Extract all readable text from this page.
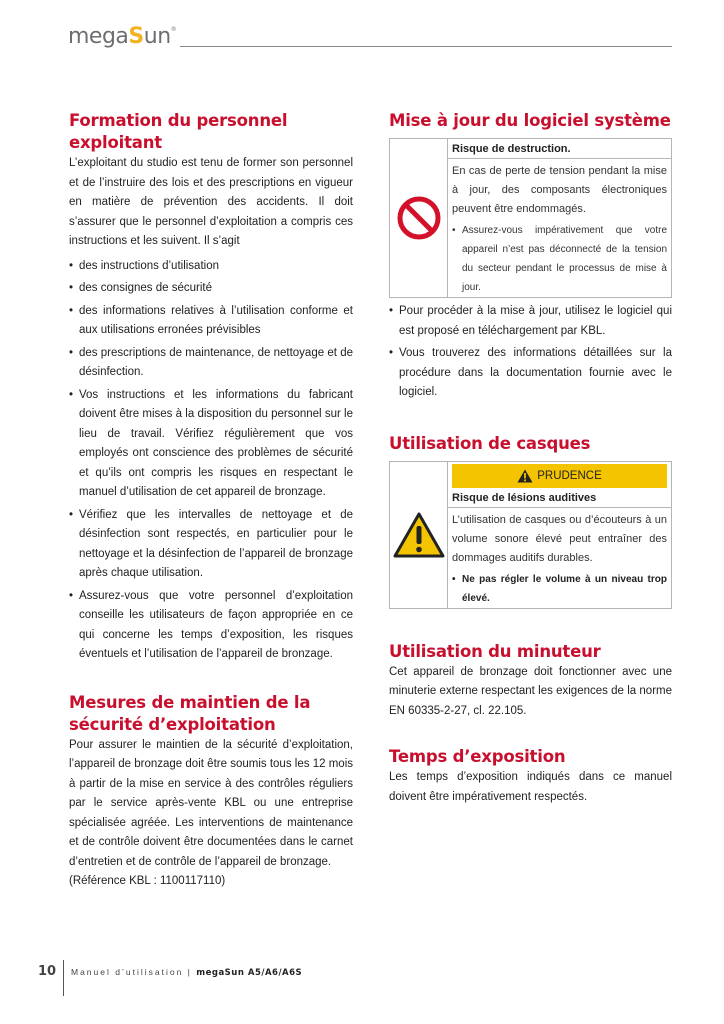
megaSun®
Formation du personnel
exploitant

L’exploitant du studio est tenu de former son personnel et de l’instruire des lois et des prescriptions en vigueur en matière de prévention des accidents. Il doit s’assurer que le personnel d’exploitation a compris ces instructions et les suivent. Il s’agit

• des instructions d’utilisation
• des consignes de sécurité
• des informations relatives à l’utilisation conforme et aux utilisations erronées prévisibles
• des prescriptions de maintenance, de nettoyage et de désinfection.
• Vos instructions et les informations du fabricant doivent être mises à la disposition du personnel sur le lieu de travail. Vérifiez régulièrement que vos employés ont conscience des problèmes de sécurité et qu’ils ont compris les risques en respectant le manuel d’utilisation de cet appareil de bronzage.
• Vérifiez que les intervalles de nettoyage et de désinfection sont respectés, en particulier pour le nettoyage et la désinfection de l’appareil de bronzage après chaque utilisation.
• Assurez-vous que votre personnel d’exploitation conseille les utilisateurs de façon appropriée en ce qui concerne les temps d’exposition, les risques éventuels et l’utilisation de l’appareil de bronzage.
Mesures de maintien de la
sécurité d’exploitation

Pour assurer le maintien de la sécurité d’exploitation, l’appareil de bronzage doit être soumis tous les 12 mois à partir de la mise en service à des contrôles réguliers par le service après-vente KBL ou une entreprise spécialisée agréée. Les interventions de maintenance et de contrôle doivent être documentées dans le carnet d’entretien et de contrôle de l’appareil de bronzage.

(Référence KBL : 1100117110)

Mise à jour du logiciel système
Risque de destruction.
En cas de perte de tension pendant la mise à jour, des composants électroniques peuvent être endommagés.
• Assurez-vous impérativement que votre appareil n’est pas déconnecté de la tension du secteur pendant le processus de mise à jour.
• Pour procéder à la mise à jour, utilisez le logiciel qui est proposé en téléchargement par KBL.
• Vous trouverez des informations détaillées sur la procédure dans la documentation fournie avec le logiciel.
Utilisation de casques
PRUDENCE
Risque de lésions auditives
L’utilisation de casques ou d’écouteurs à un volume sonore élevé peut entraîner des dommages auditifs durables.
• Ne pas régler le volume à un niveau trop élevé.
Utilisation du minuteur

Cet appareil de bronzage doit fonctionner avec une minuterie externe respectant les exigences de la norme EN 60335-2-27, cl. 22.105.

Temps d’exposition

Les temps d’exposition indiqués dans ce manuel doivent être impérativement respectés.

10 Manuel d’utilisation | megaSun A5/A6/A6S
